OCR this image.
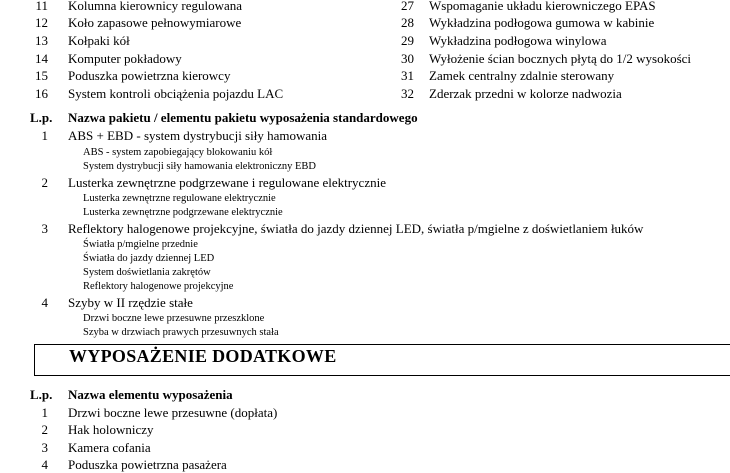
11 Kolumna kierownicy regulowana
12 Koło zapasowe pełnowymiarowe
13 Kołpaki kół
14 Komputer pokładowy
15 Poduszka powietrzna kierowcy
16 System kontroli obciążenia pojazdu LAC
27 Wspomaganie układu kierowniczego EPAS
28 Wykładzina podłogowa gumowa w kabinie
29 Wykładzina podłogowa winylowa
30 Wyłożenie ścian bocznych płytą do 1/2 wysokości
31 Zamek centralny zdalnie sterowany
32 Zderzak przedni w kolorze nadwozia
L.p. Nazwa pakietu / elementu pakietu wyposażenia standardowego
1 ABS + EBD - system dystrybucji siły hamowania
ABS - system zapobiegający blokowaniu kół
System dystrybucji siły hamowania elektroniczny EBD
2 Lusterka zewnętrzne podgrzewane i regulowane elektrycznie
Lusterka zewnętrzne regulowane elektrycznie
Lusterka zewnętrzne podgrzewane elektrycznie
3 Reflektory halogenowe projekcyjne, światła do jazdy dziennej LED, światła p/mgielne z doświetlaniem łuków
Światła p/mgielne przednie
Światła do jazdy dziennej LED
System doświetlania zakrętów
Reflektory halogenowe projekcyjne
4 Szyby w II rzędzie stałe
Drzwi boczne lewe przesuwne przeszklone
Szyba w drzwiach prawych przesuwnych stała
WYPOSAŻENIE DODATKOWE
L.p. Nazwa elementu wyposażenia
1 Drzwi boczne lewe przesuwne (dopłata)
2 Hak holowniczy
3 Kamera cofania
4 Poduszka powietrzna pasażera
